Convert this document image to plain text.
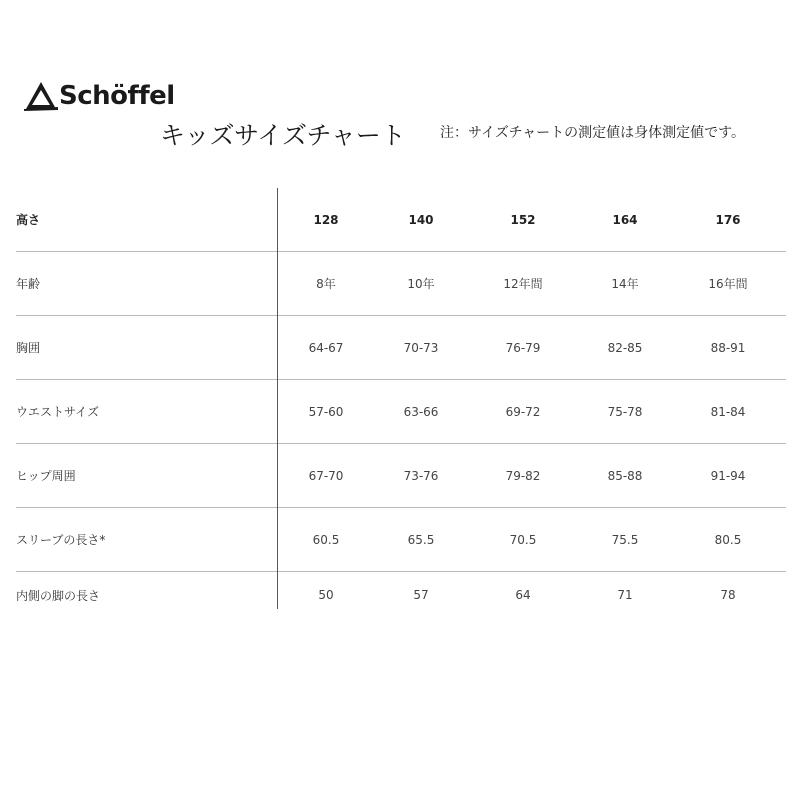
Schöffel
キッズサイズチャート 注：サイズチャートの測定値は身体測定値です。
高さ	128	140	152	164	176
年齢	8年	10年	12年間	14年	16年間
胸囲	64-67	70-73	76-79	82-85	88-91
ウエストサイズ	57-60	63-66	69-72	75-78	81-84
ヒップ周囲	67-70	73-76	79-82	85-88	91-94
スリーブの長さ*	60.5	65.5	70.5	75.5	80.5
内側の脚の長さ	50	57	64	71	78
